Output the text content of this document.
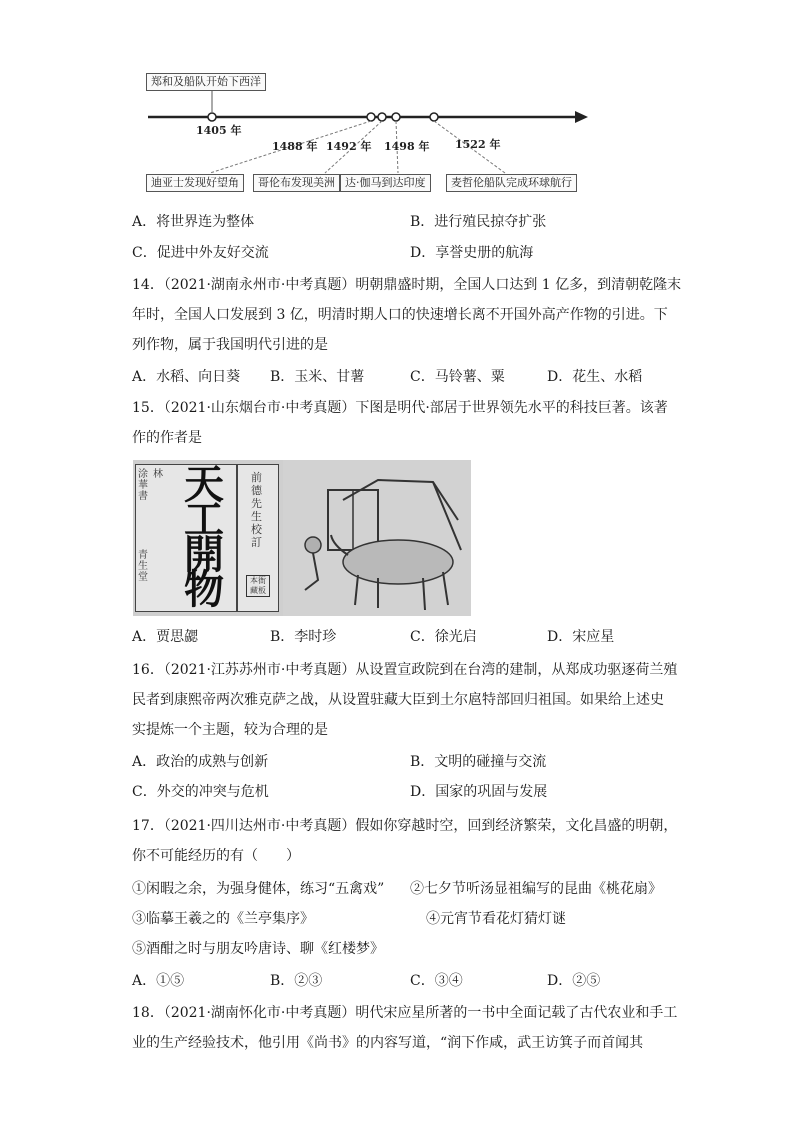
郑和及船队开始下西洋
1405 年
1488 年 1492 年 1498 年 1522 年
迪亚士发现好望角	哥伦布发现美洲 达·伽马到达印度	麦哲伦船队完成环球航行
A．将世界连为整体	B．进行殖民掠夺扩张
C．促进中外友好交流	D．享誉史册的航海
14．（2021·湖南永州市·中考真题）明朝鼎盛时期，全国人口达到 1 亿多，到清朝乾隆末
年时，全国人口发展到 3 亿，明清时期人口的快速增长离不开国外高产作物的引进。下
列作物，属于我国明代引进的是
A．水稻、向日葵 B．玉米、甘薯	C．马铃薯、粟	D．花生、水稻
15．（2021·山东烟台市·中考真题）下图是明代·部居于世界领先水平的科技巨著。该著
作的作者是
涂華書
林
青生堂
天
工
開
物
前德先生校訂
本衙藏板
A．贾思勰	B．李时珍	C．徐光启	D．宋应星
16．（2021·江苏苏州市·中考真题）从设置宣政院到在台湾的建制，从郑成功驱逐荷兰殖
民者到康熙帝两次雅克萨之战，从设置驻藏大臣到土尔扈特部回归祖国。如果给上述史
实提炼一个主题，较为合理的是
A．政治的成熟与创新	B．文明的碰撞与交流
C．外交的冲突与危机	D．国家的巩固与发展
17．（2021·四川达州市·中考真题）假如你穿越时空，回到经济繁荣，文化昌盛的明朝，
你不可能经历的有（　　）
①闲暇之余，为强身健体，练习“五禽戏” ②七夕节听汤显祖编写的昆曲《桃花扇》
③临摹王羲之的《兰亭集序》	④元宵节看花灯猜灯谜
⑤酒酣之时与朋友吟唐诗、聊《红楼梦》
A．①⑤	B．②③	C．③④	D．②⑤
18．（2021·湖南怀化市·中考真题）明代宋应星所著的一书中全面记载了古代农业和手工
业的生产经验技术，他引用《尚书》的内容写道，“润下作咸，武王访箕子而首闻其
